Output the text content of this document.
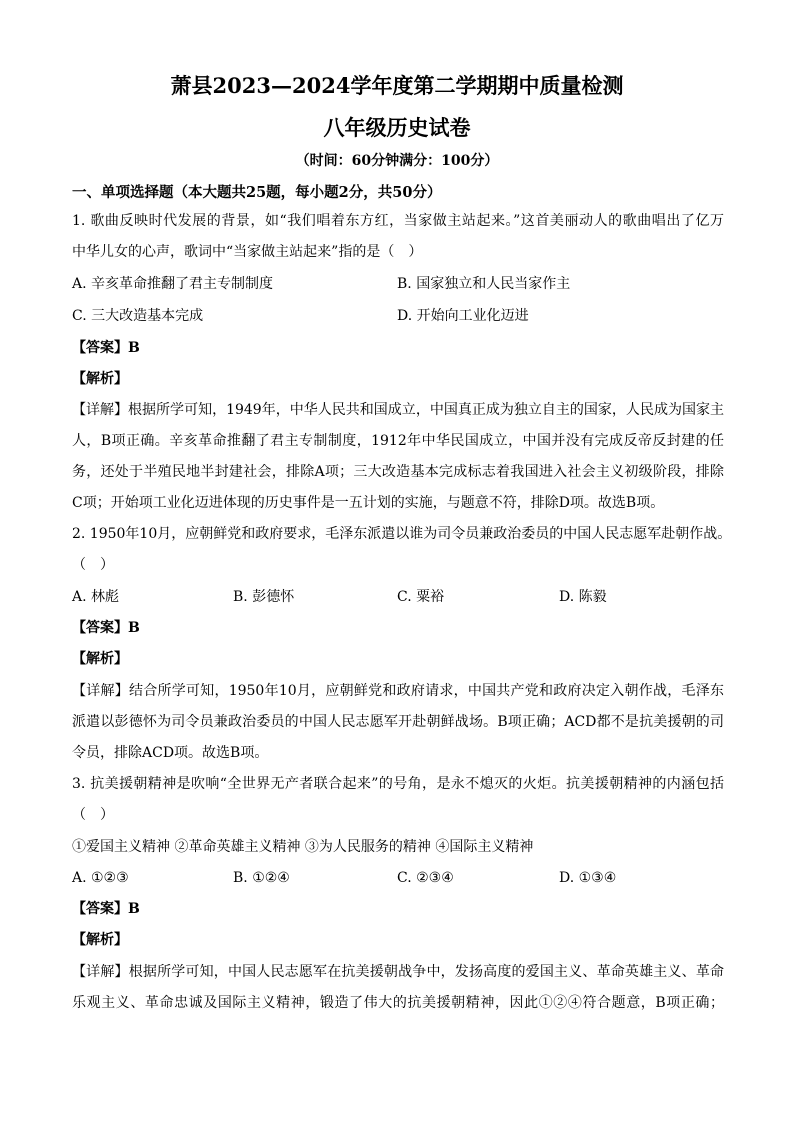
萧县2023—2024学年度第二学期期中质量检测
八年级历史试卷
（时间：60分钟满分：100分）
一、单项选择题（本大题共25题，每小题2分，共50分）
1. 歌曲反映时代发展的背景，如“我们唱着东方红，当家做主站起来。”这首美丽动人的歌曲唱出了亿万
中华儿女的心声，歌词中“当家做主站起来”指的是（　）
A. 辛亥革命推翻了君主专制制度	B. 国家独立和人民当家作主
C. 三大改造基本完成	D. 开始向工业化迈进
【答案】B
【解析】
【详解】根据所学可知，1949年，中华人民共和国成立，中国真正成为独立自主的国家，人民成为国家主
人，B项正确。辛亥革命推翻了君主专制制度，1912年中华民国成立，中国并没有完成反帝反封建的任
务，还处于半殖民地半封建社会，排除A项；三大改造基本完成标志着我国进入社会主义初级阶段，排除
C项；开始项工业化迈进体现的历史事件是一五计划的实施，与题意不符，排除D项。故选B项。
2. 1950年10月，应朝鲜党和政府要求，毛泽东派遣以谁为司令员兼政治委员的中国人民志愿军赴朝作战。
（　）
A. 林彪	B. 彭德怀	C. 粟裕	D. 陈毅
【答案】B
【解析】
【详解】结合所学可知，1950年10月，应朝鲜党和政府请求，中国共产党和政府决定入朝作战，毛泽东
派遣以彭德怀为司令员兼政治委员的中国人民志愿军开赴朝鲜战场。B项正确；ACD都不是抗美援朝的司
令员，排除ACD项。故选B项。
3. 抗美援朝精神是吹响“全世界无产者联合起来”的号角，是永不熄灭的火炬。抗美援朝精神的内涵包括
（　）
①爱国主义精神 ②革命英雄主义精神 ③为人民服务的精神 ④国际主义精神
A. ①②③	B. ①②④	C. ②③④	D. ①③④
【答案】B
【解析】
【详解】根据所学可知，中国人民志愿军在抗美援朝战争中，发扬高度的爱国主义、革命英雄主义、革命
乐观主义、革命忠诚及国际主义精神，锻造了伟大的抗美援朝精神，因此①②④符合题意，B项正确；
